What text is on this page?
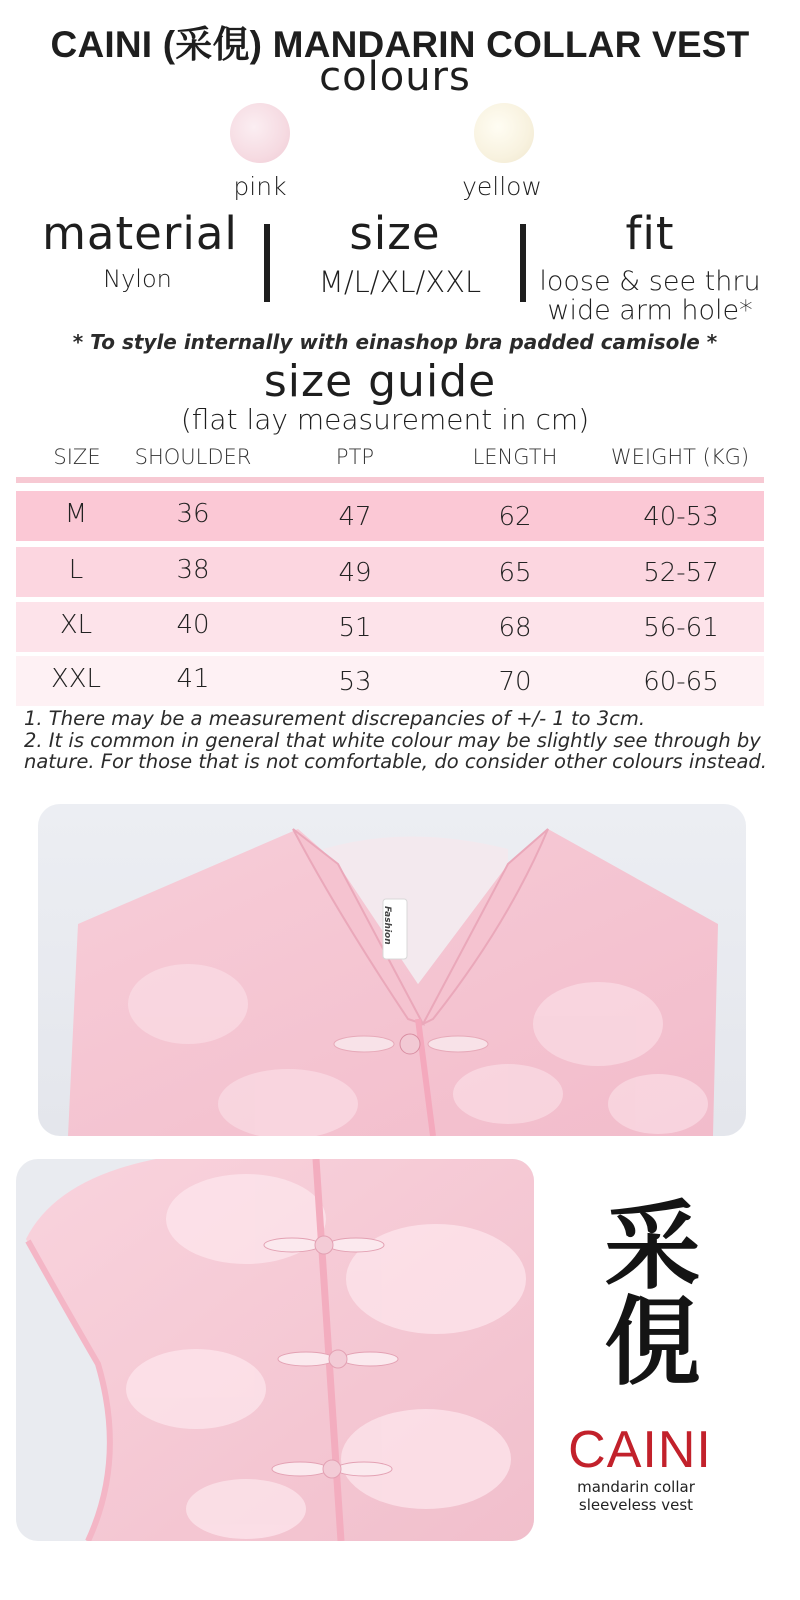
CAINI (采俔) MANDARIN COLLAR VEST
colours
pink	yellow
material
Nylon
size
M/L/XL/XXL
fit
loose & see thru
wide arm hole*
* To style internally with einashop bra padded camisole *
size guide
(flat lay measurement in cm)
SIZE	SHOULDER	PTP	LENGTH	WEIGHT (KG)
M	36	47	62	40-53
L	38	49	65	52-57
XL	40	51	68	56-61
XXL	41	53	70	60-65
1. There may be a measurement discrepancies of +/- 1 to 3cm.
2. It is common in general that white colour may be slightly see through by nature. For those that is not comfortable, do consider other colours instead.
Fashion
采俔
CAINI
mandarin collar
sleeveless vest
